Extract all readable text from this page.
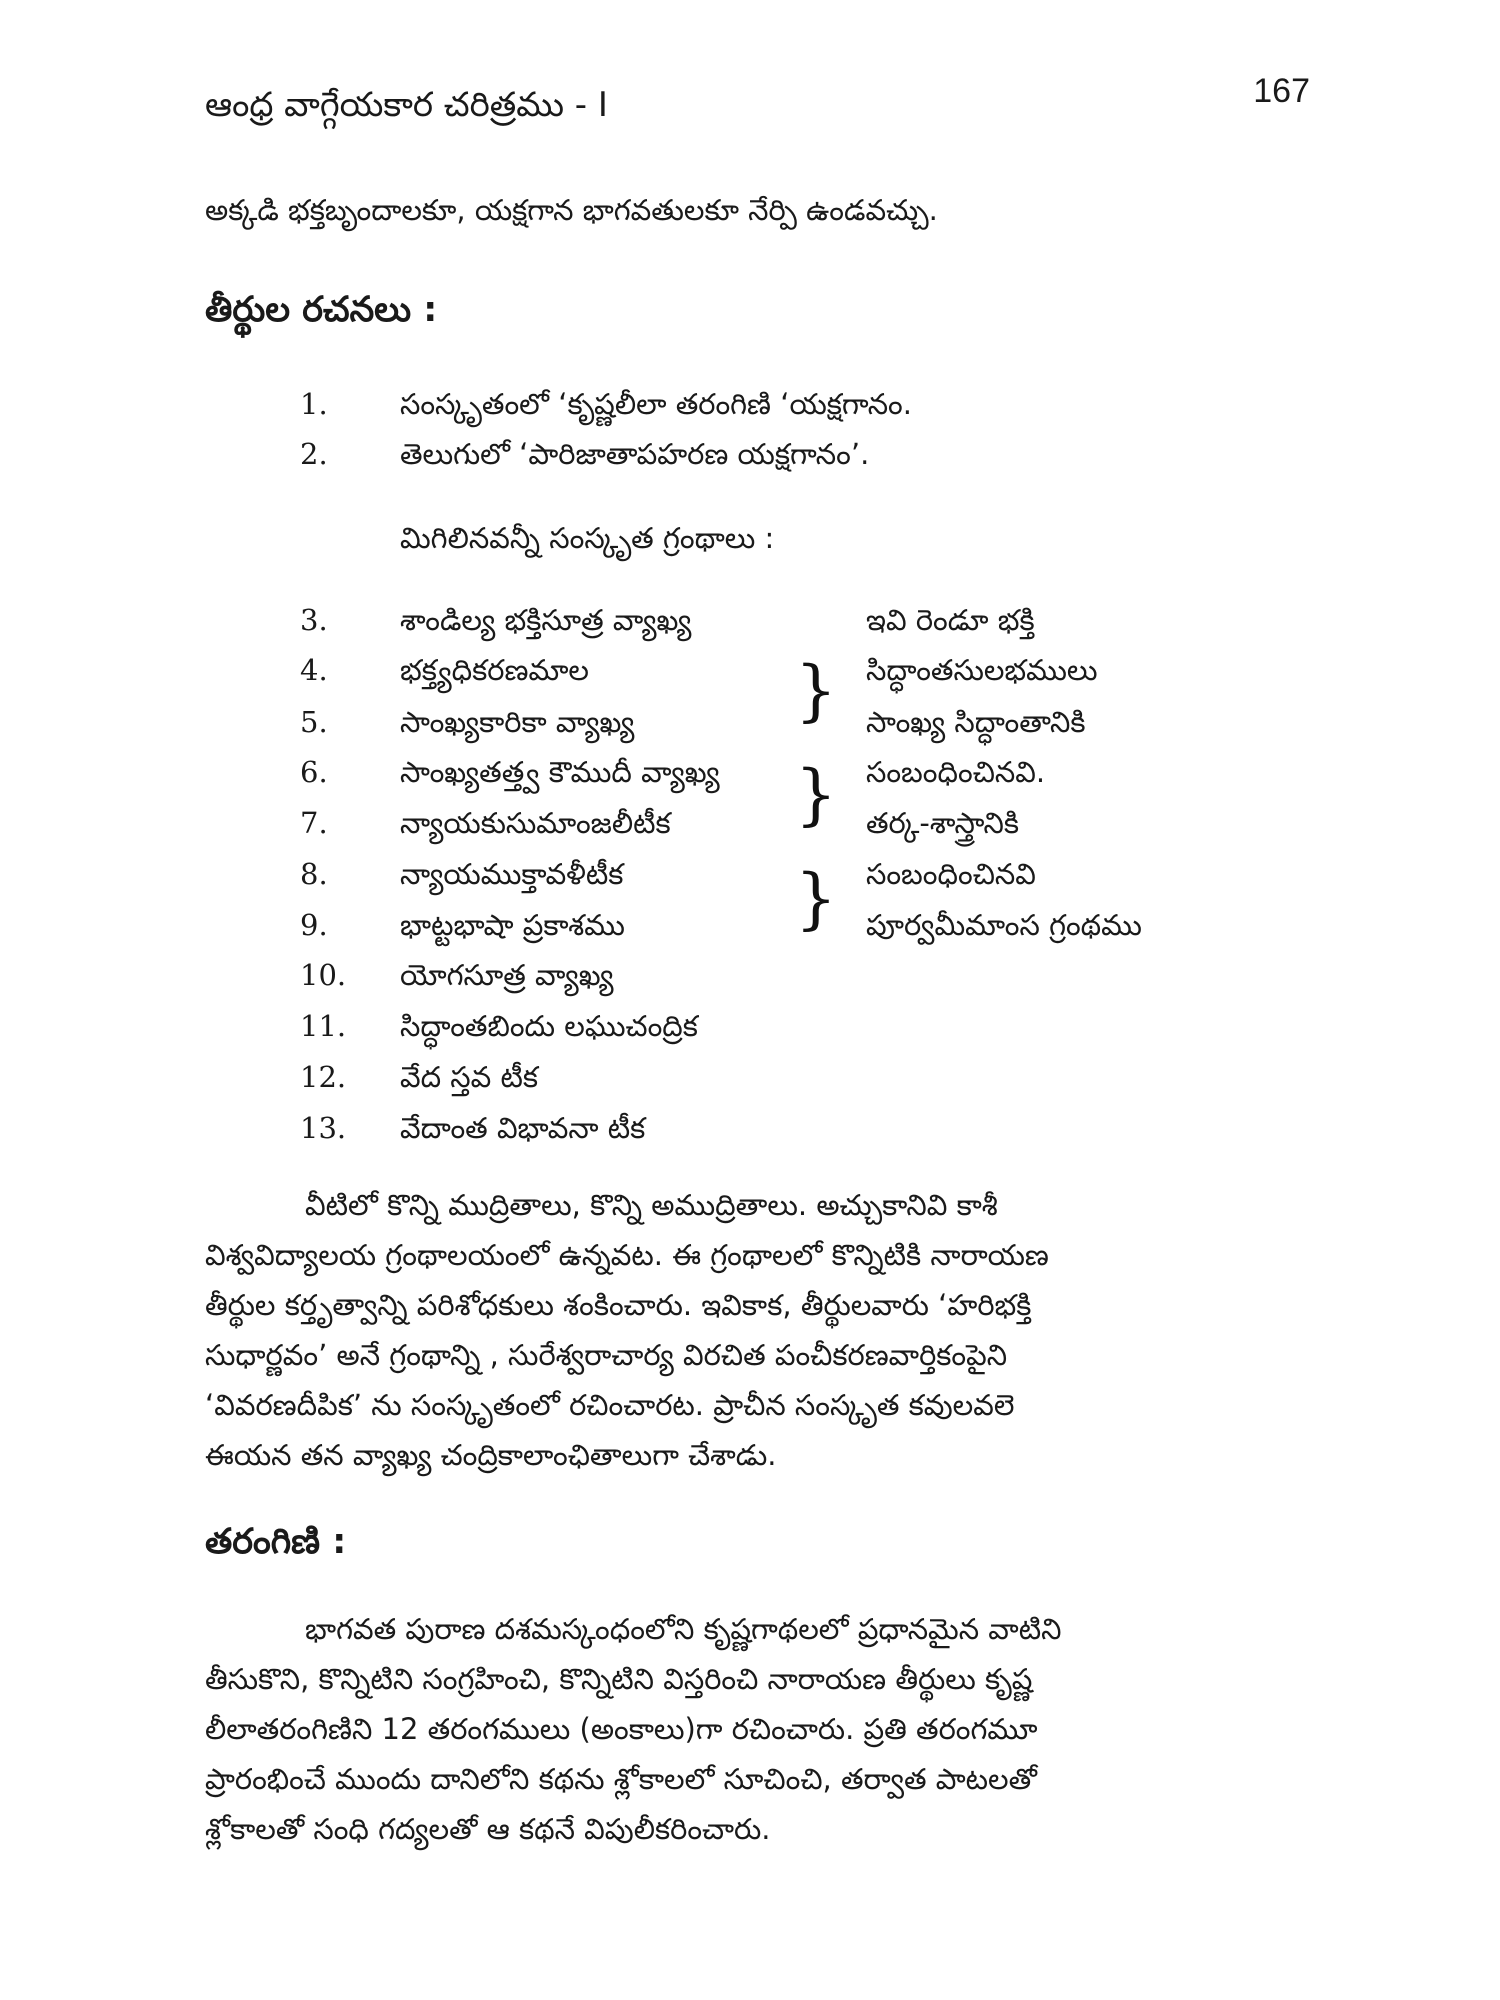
ఆంధ్ర వాగ్గేయకార చరిత్రము - I	167
అక్కడి భక్తబృందాలకూ, యక్షగాన భాగవతులకూ నేర్పి ఉండవచ్చు.
తీర్థుల రచనలు :
1. సంస్కృతంలో ‘కృష్ణలీలా తరంగిణి ‘యక్షగానం.
2. తెలుగులో ‘పారిజాతాపహరణ యక్షగానం’.
మిగిలినవన్నీ సంస్కృత గ్రంథాలు :
3. శాండిల్య భక్తిసూత్ర వ్యాఖ్య
4. భక్త్యధికరణమాల
5. సాంఖ్యకారికా వ్యాఖ్య
6. సాంఖ్యతత్త్వ కౌముదీ వ్యాఖ్య
7. న్యాయకుసుమాంజలీటీక
8. న్యాయముక్తావళీటీక
9. భాట్టభాషా ప్రకాశము
10. యోగసూత్ర వ్యాఖ్య
11. సిద్ధాంతబిందు లఘుచంద్రిక
12. వేద స్తవ టీక
13. వేదాంత విభావనా టీక
}
}
}
ఇవి రెండూ భక్తి
సిద్ధాంతసులభములు
సాంఖ్య సిద్ధాంతానికి
సంబంధించినవి.
తర్క-శాస్త్రానికి
సంబంధించినవి
పూర్వమీమాంస గ్రంథము

వీటిలో కొన్ని ముద్రితాలు, కొన్ని అముద్రితాలు. అచ్చుకానివి కాశీ

విశ్వవిద్యాలయ గ్రంథాలయంలో ఉన్నవట. ఈ గ్రంథాలలో కొన్నిటికి నారాయణ

తీర్థుల కర్తృత్వాన్ని పరిశోధకులు శంకించారు. ఇవికాక, తీర్థులవారు ‘హరిభక్తి

సుధార్ణవం’ అనే గ్రంథాన్ని , సురేశ్వరాచార్య విరచిత పంచీకరణవార్తికంపైని

‘వివరణదీపిక’ ను సంస్కృతంలో రచించారట. ప్రాచీన సంస్కృత కవులవలె

ఈయన తన వ్యాఖ్య చంద్రికాలాంఛితాలుగా చేశాడు.

తరంగిణి :

భాగవత పురాణ దశమస్కంధంలోని కృష్ణగాథలలో ప్రధానమైన వాటిని

తీసుకొని, కొన్నిటిని సంగ్రహించి, కొన్నిటిని విస్తరించి నారాయణ తీర్థులు కృష్ణ

లీలాతరంగిణిని 12 తరంగములు (అంకాలు)గా రచించారు. ప్రతి తరంగమూ

ప్రారంభించే ముందు దానిలోని కథను శ్లోకాలలో సూచించి, తర్వాత పాటలతో

శ్లోకాలతో సంధి గద్యలతో ఆ కథనే విపులీకరించారు.
